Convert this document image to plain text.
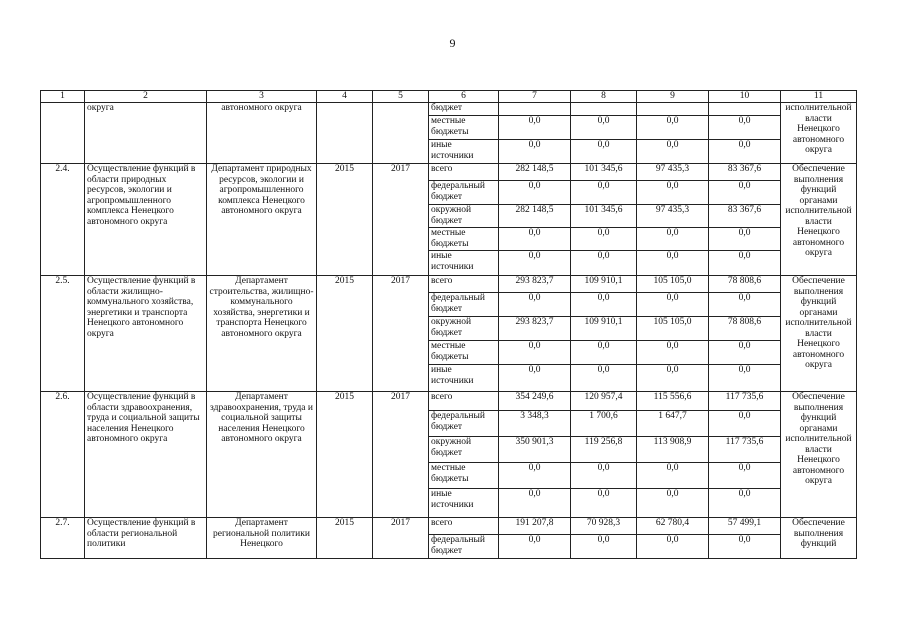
9
1	2	3	4	5	6	7	8	9	10	11
	округа	автономного округа			бюджет					исполнительной власти Ненецкого автономного округа
					местные бюджеты	0,0	0,0	0,0	0,0	
					иные источники	0,0	0,0	0,0	0,0	
2.4.	Осуществление функций в области природных ресурсов, экологии и агропромышленного комплекса Ненецкого автономного округа	Департамент природных ресурсов, экологии и агропромышленного комплекса Ненецкого автономного округа	2015	2017	всего	282 148,5	101 345,6	97 435,3	83 367,6	Обеспечение выполнения функций органами исполнительной власти Ненецкого автономного округа
					федеральный бюджет	0,0	0,0	0,0	0,0	
					окружной бюджет	282 148,5	101 345,6	97 435,3	83 367,6	
					местные бюджеты	0,0	0,0	0,0	0,0	
					иные источники	0,0	0,0	0,0	0,0	
2.5.	Осуществление функций в области жилищно-коммунального хозяйства, энергетики и транспорта Ненецкого автономного округа	Департамент строительства, жилищно-коммунального хозяйства, энергетики и транспорта Ненецкого автономного округа	2015	2017	всего	293 823,7	109 910,1	105 105,0	78 808,6	Обеспечение выполнения функций органами исполнительной власти Ненецкого автономного округа
					федеральный бюджет	0,0	0,0	0,0	0,0	
					окружной бюджет	293 823,7	109 910,1	105 105,0	78 808,6	
					местные бюджеты	0,0	0,0	0,0	0,0	
					иные источники	0,0	0,0	0,0	0,0	
2.6.	Осуществление функций в области здравоохранения, труда и социальной защиты населения Ненецкого автономного округа	Департамент здравоохранения, труда и социальной защиты населения Ненецкого автономного округа	2015	2017	всего	354 249,6	120 957,4	115 556,6	117 735,6	Обеспечение выполнения функций органами исполнительной власти Ненецкого автономного округа
					федеральный бюджет	3 348,3	1 700,6	1 647,7	0,0	
					окружной бюджет	350 901,3	119 256,8	113 908,9	117 735,6	
					местные бюджеты	0,0	0,0	0,0	0,0	
					иные источники	0,0	0,0	0,0	0,0	
2.7.	Осуществление функций в области региональной политики	Департамент региональной политики Ненецкого	2015	2017	всего	191 207,8	70 928,3	62 780,4	57 499,1	Обеспечение выполнения функций
					федеральный бюджет	0,0	0,0	0,0	0,0	
